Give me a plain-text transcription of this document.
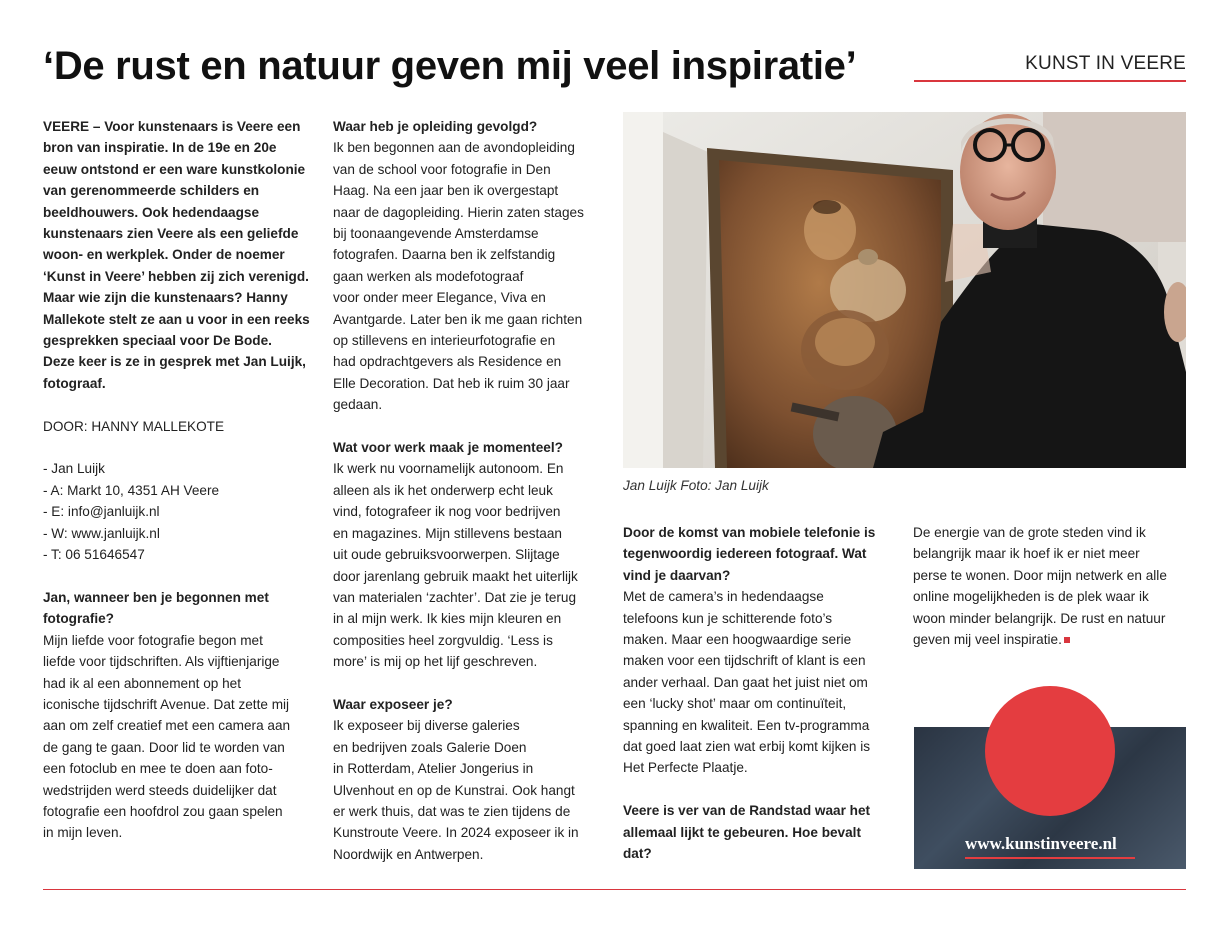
‘De rust en natuur geven mij veel inspiratie’	KUNST IN VEERE

VEERE – Voor kunstenaars is Veere een

bron van inspiratie. In de 19e en 20e

eeuw ontstond er een ware kunstkolonie

van gerenommeerde schilders en

beeldhouwers. Ook hedendaagse

kunstenaars zien Veere als een geliefde

woon- en werkplek. Onder de noemer

‘Kunst in Veere’ hebben zij zich verenigd.

Maar wie zijn die kunstenaars? Hanny

Mallekote stelt ze aan u voor in een reeks

gesprekken speciaal voor De Bode.

Deze keer is ze in gesprek met Jan Luijk,

fotograaf.

DOOR: HANNY MALLEKOTE

- Jan Luijk

- A: Markt 10, 4351 AH Veere

- E: info@janluijk.nl

- W: www.janluijk.nl

- T: 06 51646547

Jan, wanneer ben je begonnen met

fotografie?

Mijn liefde voor fotografie begon met

liefde voor tijdschriften. Als vijftienjarige

had ik al een abonnement op het

iconische tijdschrift Avenue. Dat zette mij

aan om zelf creatief met een camera aan

de gang te gaan. Door lid te worden van

een fotoclub en mee te doen aan foto-

wedstrijden werd steeds duidelijker dat

fotografie een hoofdrol zou gaan spelen

in mijn leven.

Waar heb je opleiding gevolgd?

Ik ben begonnen aan de avondopleiding

van de school voor fotografie in Den

Haag. Na een jaar ben ik overgestapt

naar de dagopleiding. Hierin zaten stages

bij toonaangevende Amsterdamse

fotografen. Daarna ben ik zelfstandig

gaan werken als modefotograaf

voor onder meer Elegance, Viva en

Avantgarde. Later ben ik me gaan richten

op stillevens en interieurfotografie en

had opdrachtgevers als Residence en

Elle Decoration. Dat heb ik ruim 30 jaar

gedaan.

Wat voor werk maak je momenteel?

Ik werk nu voornamelijk autonoom. En

alleen als ik het onderwerp echt leuk

vind, fotografeer ik nog voor bedrijven

en magazines. Mijn stillevens bestaan

uit oude gebruiksvoorwerpen. Slijtage

door jarenlang gebruik maakt het uiterlijk

van materialen ‘zachter’. Dat zie je terug

in al mijn werk. Ik kies mijn kleuren en

composities heel zorgvuldig. ‘Less is

more’ is mij op het lijf geschreven.

Waar exposeer je?

Ik exposeer bij diverse galeries

en bedrijven zoals Galerie Doen

in Rotterdam, Atelier Jongerius in

Ulvenhout en op de Kunstrai. Ook hangt

er werk thuis, dat was te zien tijdens de

Kunstroute Veere. In 2024 exposeer ik in

Noordwijk en Antwerpen.

Jan Luijk Foto: Jan Luijk

Door de komst van mobiele telefonie is

tegenwoordig iedereen fotograaf. Wat

vind je daarvan?

Met de camera’s in hedendaagse

telefoons kun je schitterende foto’s

maken. Maar een hoogwaardige serie

maken voor een tijdschrift of klant is een

ander verhaal. Dan gaat het juist niet om

een ‘lucky shot’ maar om continuïteit,

spanning en kwaliteit. Een tv-programma

dat goed laat zien wat erbij komt kijken is

Het Perfecte Plaatje.

Veere is ver van de Randstad waar het

allemaal lijkt te gebeuren. Hoe bevalt

dat?

De energie van de grote steden vind ik

belangrijk maar ik hoef ik er niet meer

perse te wonen. Door mijn netwerk en alle

online mogelijkheden is de plek waar ik

woon minder belangrijk. De rust en natuur

geven mij veel inspiratie.

www.kunstinveere.nl
